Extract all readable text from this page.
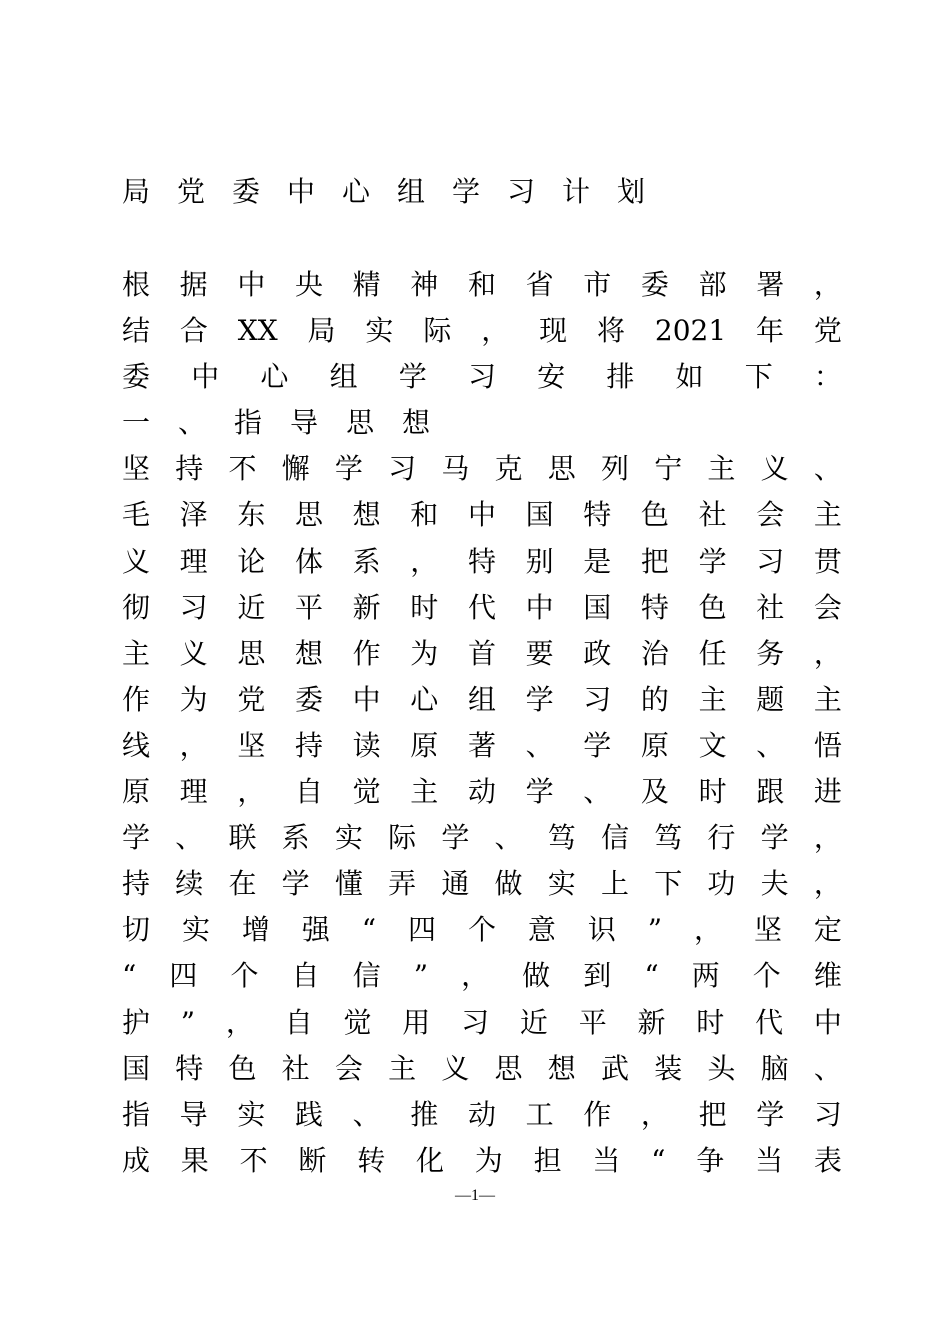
局党委中心组学习计划
根 据 中 央 精 神 和 省 市 委 部 署 ，
结 合 XX 局 实 际 ， 现 将 2021 年 党
委 中 心 组 学 习 安 排 如 下 ：
一 、 指 导 思 想
坚 持 不 懈 学 习 马 克 思 列 宁 主 义 、
毛 泽 东 思 想 和 中 国 特 色 社 会 主
义 理 论 体 系 ， 特 别 是 把 学 习 贯
彻 习 近 平 新 时 代 中 国 特 色 社 会
主 义 思 想 作 为 首 要 政 治 任 务 ，
作 为 党 委 中 心 组 学 习 的 主 题 主
线 ， 坚 持 读 原 著 、 学 原 文 、 悟
原 理 ， 自 觉 主 动 学 、 及 时 跟 进
学 、 联 系 实 际 学 、 笃 信 笃 行 学 ，
持 续 在 学 懂 弄 通 做 实 上 下 功 夫 ，
切 实 增 强 “ 四 个 意 识 ” ， 坚 定
“ 四 个 自 信 ” ， 做 到 “ 两 个 维
护 ” ， 自 觉 用 习 近 平 新 时 代 中
国 特 色 社 会 主 义 思 想 武 装 头 脑 、
指 导 实 践 、 推 动 工 作 ， 把 学 习
成 果 不 断 转 化 为 担 当 “ 争 当 表
—1—
